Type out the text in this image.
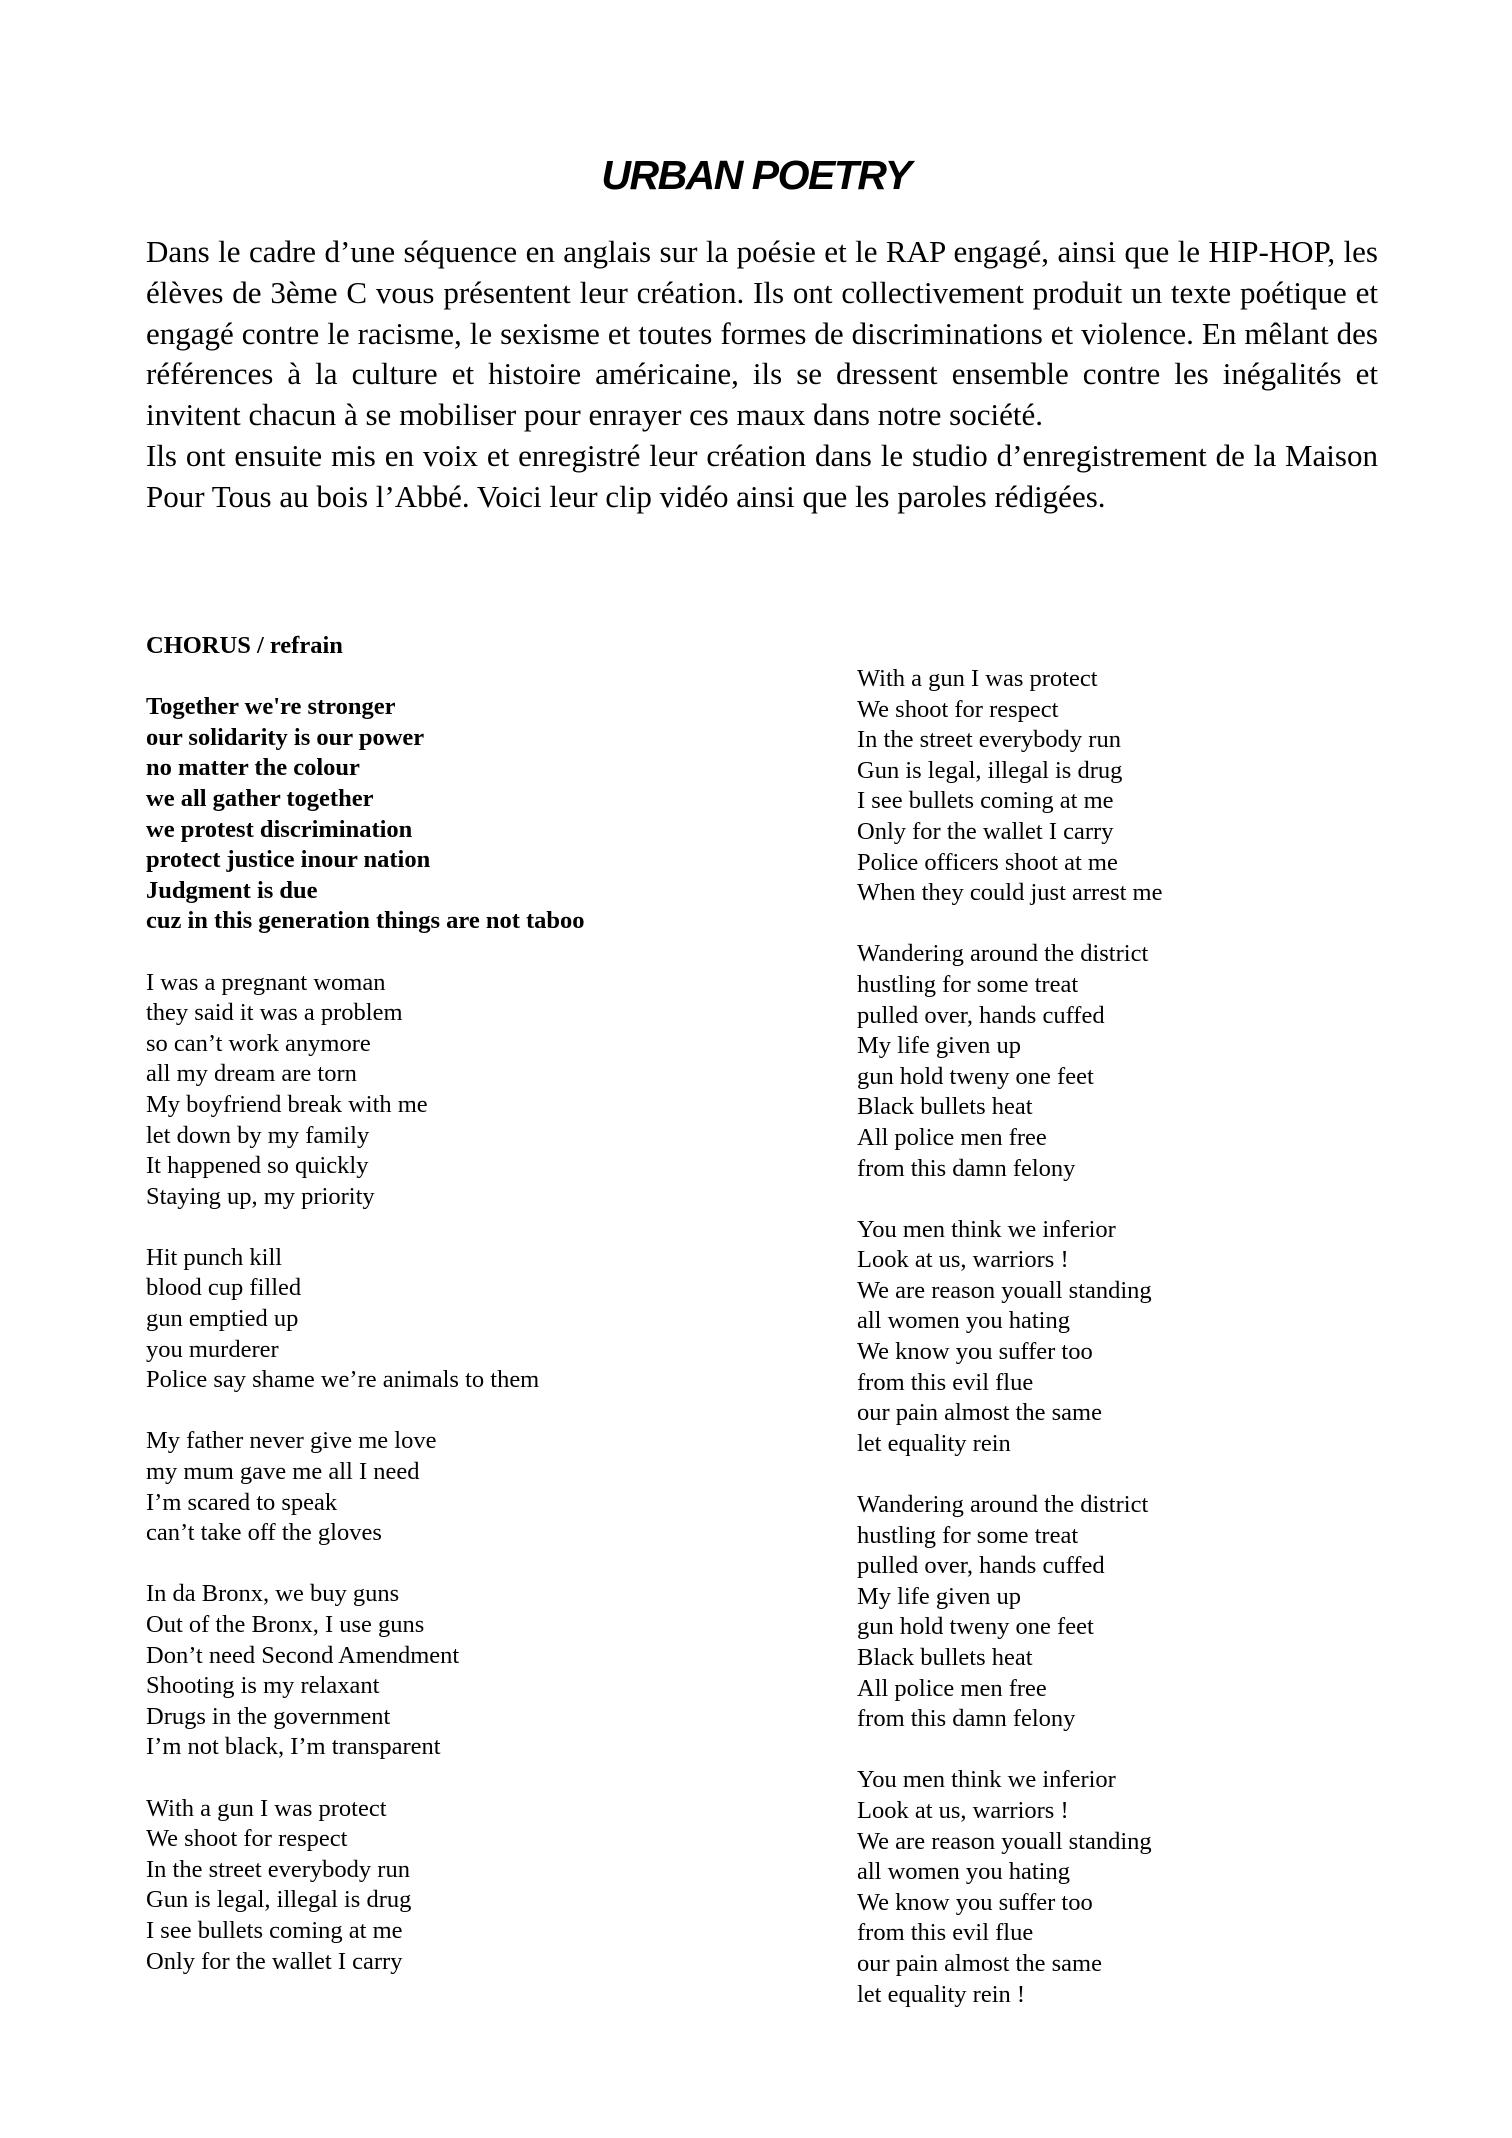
URBAN POETRY

Dans le cadre d’une séquence en anglais sur la poésie et le RAP engagé, ainsi que le HIP-HOP, les élèves de 3ème C vous présentent leur création. Ils ont collectivement produit un texte poétique et engagé contre le racisme, le sexisme et toutes formes de discriminations et violence. En mêlant des références à la culture et histoire américaine, ils se dressent ensemble contre les inégalités et invitent chacun à se mobiliser pour enrayer ces maux dans notre société.

Ils ont ensuite mis en voix et enregistré leur création dans le studio d’enregistrement de la Maison Pour Tous au bois l’Abbé. Voici leur clip vidéo ainsi que les paroles rédigées.

CHORUS / refrain
Together we're stronger
our solidarity is our power
no matter the colour
we all gather together
we protest discrimination
protect justice inour nation
Judgment is due
cuz in this generation things are not taboo
I was a pregnant woman
they said it was a problem
so can’t work anymore
all my dream are torn
My boyfriend break with me
let down by my family
It happened so quickly
Staying up, my priority
Hit punch kill
blood cup filled
gun emptied up
you murderer
Police say shame we’re animals to them
My father never give me love
my mum gave me all I need
I’m scared to speak
can’t take off the gloves
In da Bronx, we buy guns
Out of the Bronx, I use guns
Don’t need Second Amendment
Shooting is my relaxant
Drugs in the government
I’m not black, I’m transparent
With a gun I was protect
We shoot for respect
In the street everybody run
Gun is legal, illegal is drug
I see bullets coming at me
Only for the wallet I carry
With a gun I was protect
We shoot for respect
In the street everybody run
Gun is legal, illegal is drug
I see bullets coming at me
Only for the wallet I carry
Police officers shoot at me
When they could just arrest me
Wandering around the district
hustling for some treat
pulled over, hands cuffed
My life given up
gun hold tweny one feet
Black bullets heat
All police men free
from this damn felony
You men think we inferior
Look at us, warriors !
We are reason youall standing
all women you hating
We know you suffer too
from this evil flue
our pain almost the same
let equality rein
Wandering around the district
hustling for some treat
pulled over, hands cuffed
My life given up
gun hold tweny one feet
Black bullets heat
All police men free
from this damn felony
You men think we inferior
Look at us, warriors !
We are reason youall standing
all women you hating
We know you suffer too
from this evil flue
our pain almost the same
let equality rein !
